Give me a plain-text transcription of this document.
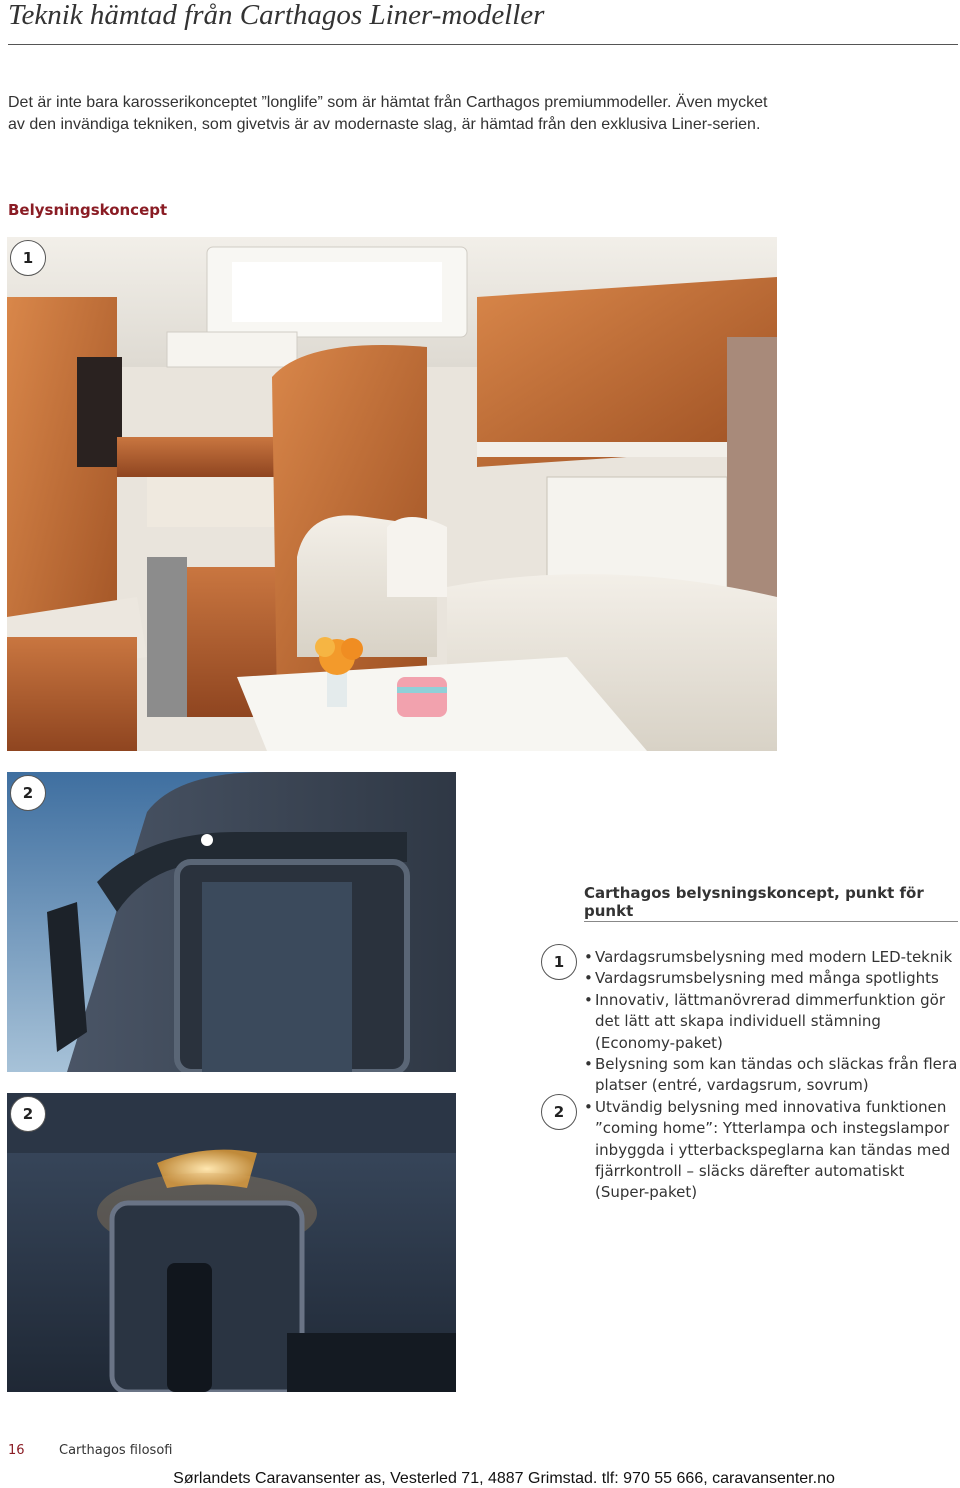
Teknik hämtad från Carthagos Liner-modeller

Det är inte bara karosserikonceptet ”longlife” som är hämtat från Carthagos premiummodeller. Även mycket av den invändiga tekniken, som givetvis är av modernaste slag, är hämtad från den exklusiva Liner-serien.

Belysningskoncept
1
2
2
Carthagos belysningskoncept, punkt för punkt
1
2
• Vardagsrumsbelysning med modern LED-teknik
• Vardagsrumsbelysning med många spotlights
• Innovativ, lättmanövrerad dimmerfunktion gör det lätt att skapa individuell stämning (Economy-paket)
• Belysning som kan tändas och släckas från flera platser (entré, vardagsrum, sovrum)
• Utvändig belysning med innovativa funktionen ”coming home”: Ytterlampa och instegslampor inbyggda i ytterbackspeglarna kan tändas med fjärrkontroll – släcks därefter automatiskt (Super-paket)

16	Carthagos filosofi

Sørlandets Caravansenter as, Vesterled 71, 4887 Grimstad. tlf: 970 55 666, caravansenter.no
